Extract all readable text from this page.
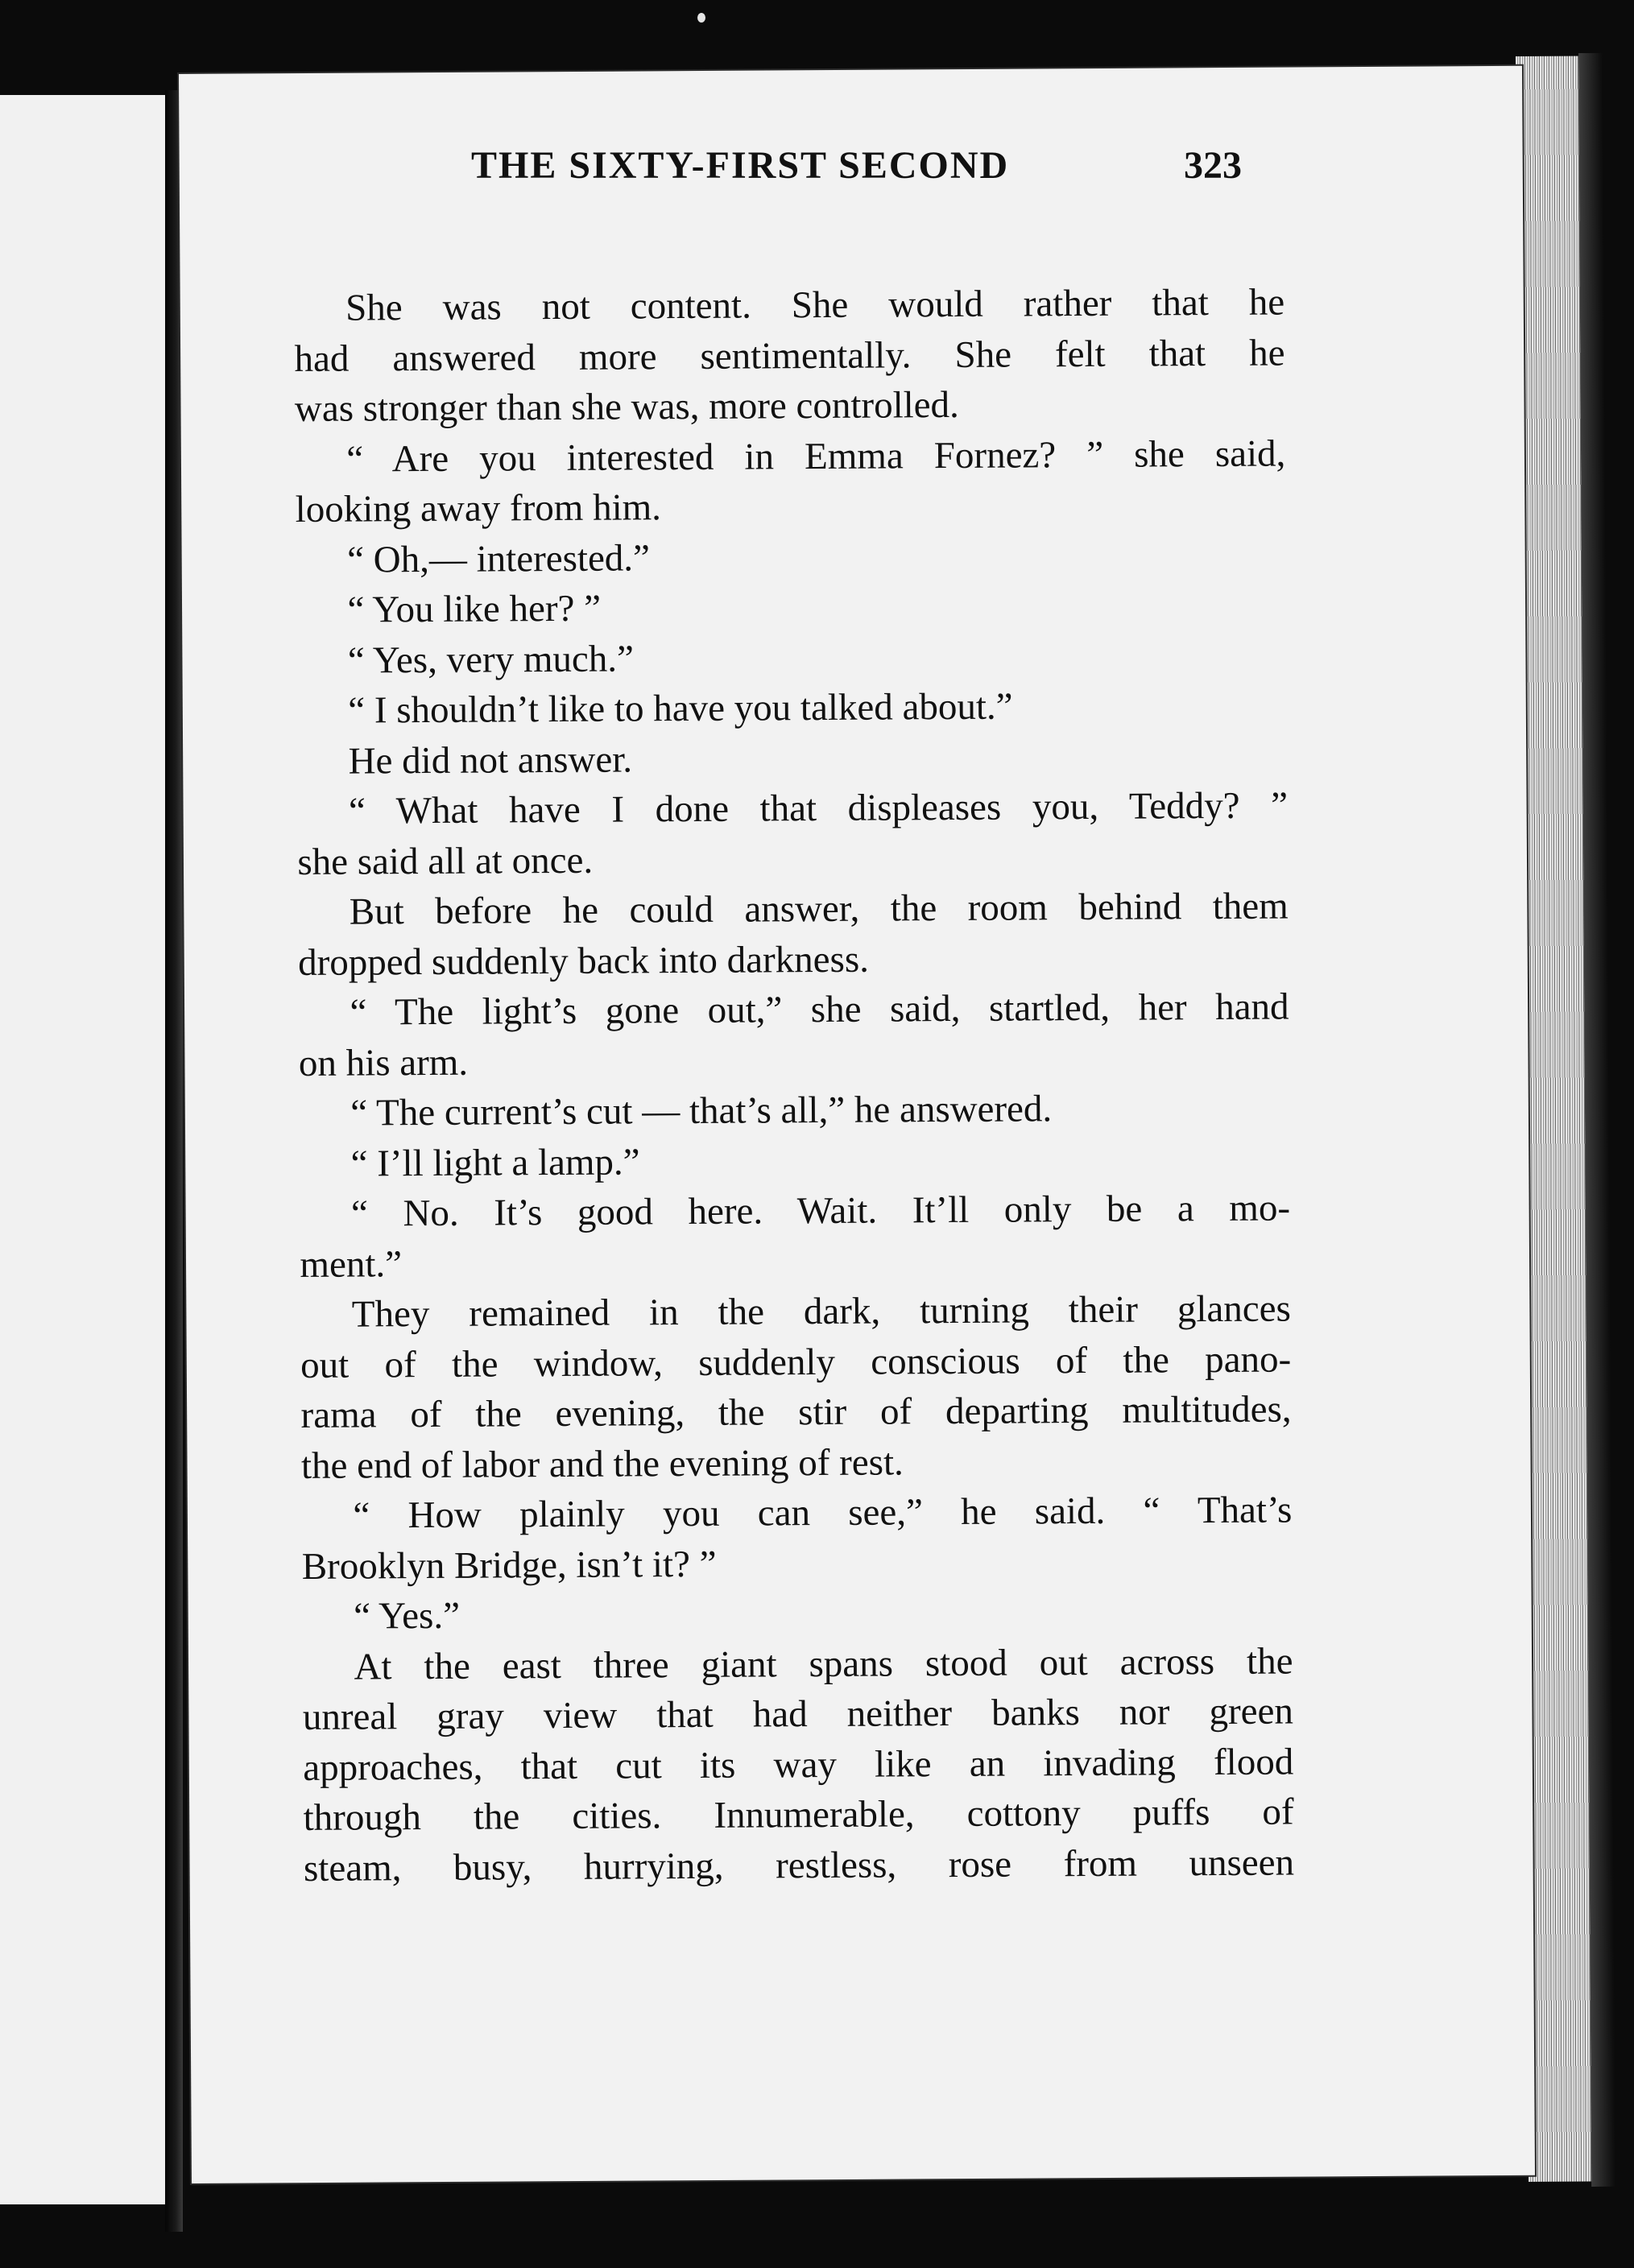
THE SIXTY-FIRST SECOND	323
She was not content. She would rather that he
had answered more sentimentally. She felt that he
was stronger than she was, more controlled.
“ Are you interested in Emma Fornez? ” she said,
looking away from him.
“ Oh,— interested.”
“ You like her? ”
“ Yes, very much.”
“ I shouldn’t like to have you talked about.”
He did not answer.
“ What have I done that displeases you, Teddy? ”
she said all at once.
But before he could answer, the room behind them
dropped suddenly back into darkness.
“ The light’s gone out,” she said, startled, her hand
on his arm.
“ The current’s cut — that’s all,” he answered.
“ I’ll light a lamp.”
“ No. It’s good here. Wait. It’ll only be a mo-
ment.”
They remained in the dark, turning their glances
out of the window, suddenly conscious of the pano-
rama of the evening, the stir of departing multitudes,
the end of labor and the evening of rest.
“ How plainly you can see,” he said. “ That’s
Brooklyn Bridge, isn’t it? ”
“ Yes.”
At the east three giant spans stood out across the
unreal gray view that had neither banks nor green
approaches, that cut its way like an invading flood
through the cities. Innumerable, cottony puffs of
steam, busy, hurrying, restless, rose from unseen
